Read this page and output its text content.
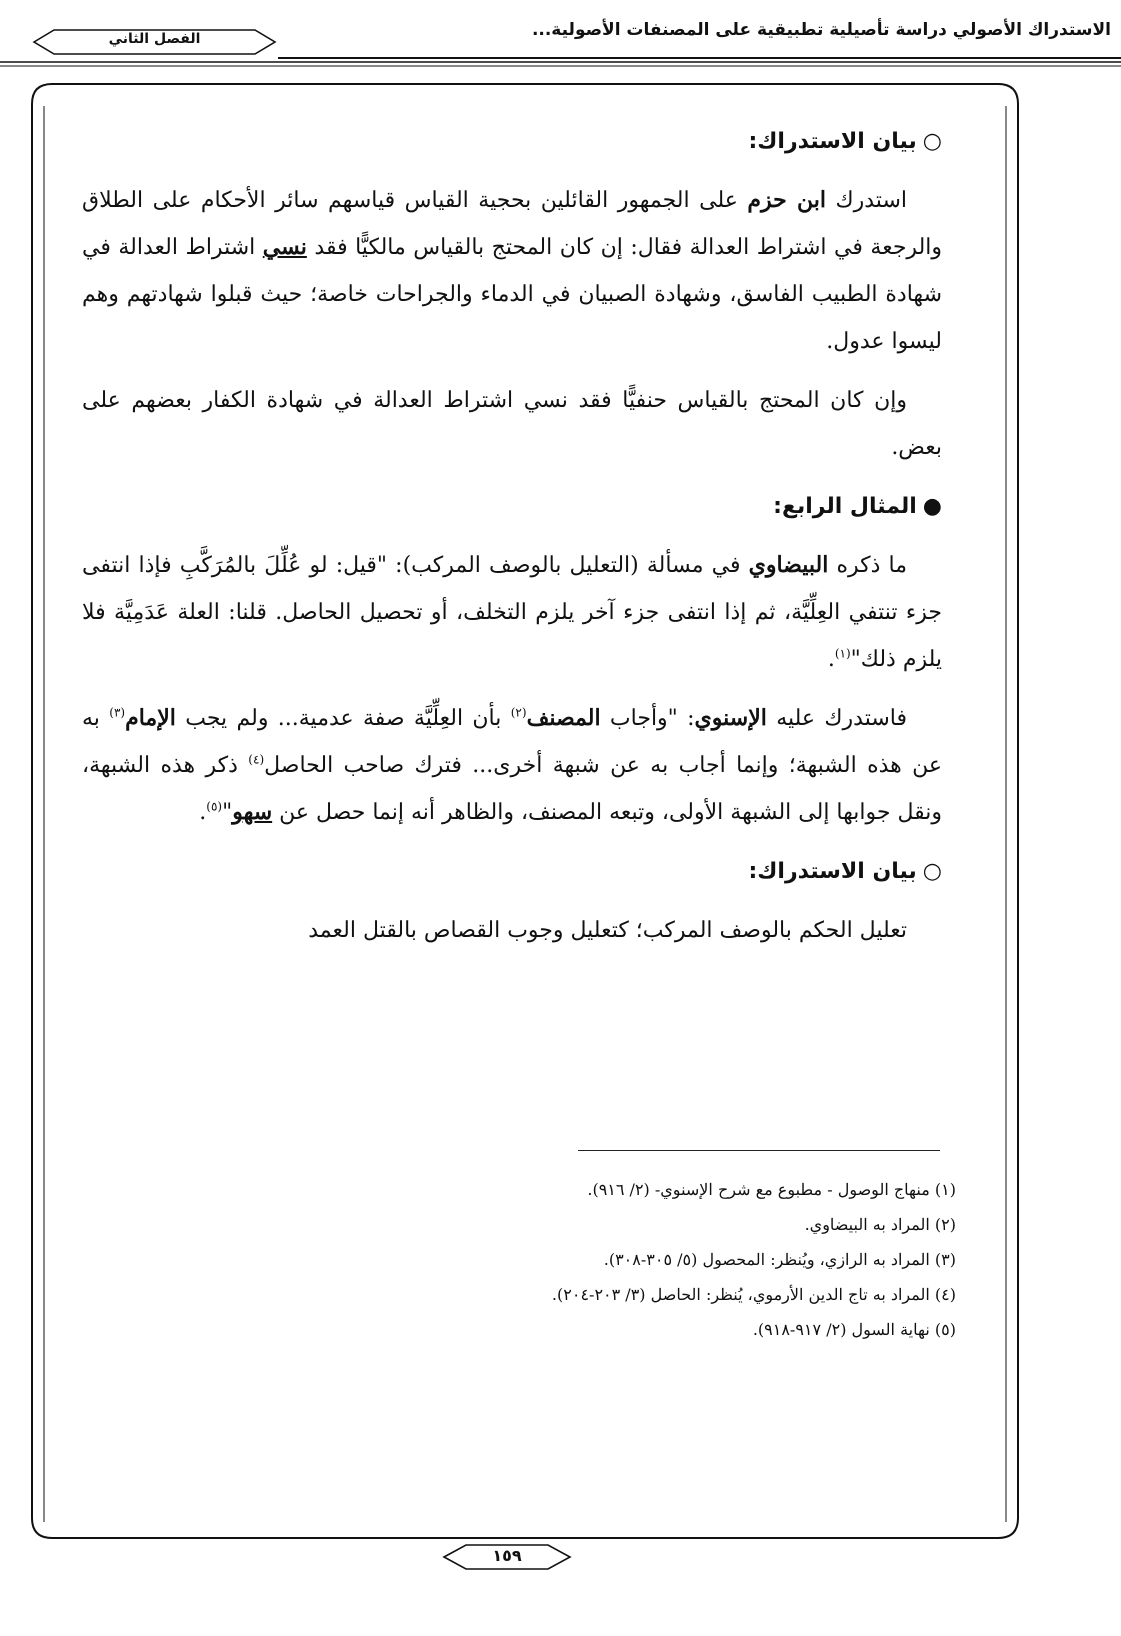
الاستدراك الأصولي دراسة تأصيلية تطبيقية على المصنفات الأصولية...
الفصل الثاني

○بيان الاستدراك:

استدرك ابن حزم على الجمهور القائلين بحجية القياس قياسهم سائر الأحكام على الطلاق والرجعة في اشتراط العدالة فقال: إن كان المحتج بالقياس مالكيًّا فقد نسي اشتراط العدالة في شهادة الطبيب الفاسق، وشهادة الصبيان في الدماء والجراحات خاصة؛ حيث قبلوا شهادتهم وهم ليسوا عدول.

وإن كان المحتج بالقياس حنفيًّا فقد نسي اشتراط العدالة في شهادة الكفار بعضهم على بعض.

●المثال الرابع:

ما ذكره البيضاوي في مسألة (التعليل بالوصف المركب): "قيل: لو عُلِّلَ بالمُرَكَّبِ فإذا انتفى جزء تنتفي العِلِّيَّة، ثم إذا انتفى جزء آخر يلزم التخلف، أو تحصيل الحاصل. قلنا: العلة عَدَمِيَّة فلا يلزم ذلك"$^{(١)}$.

فاستدرك عليه الإسنوي: "وأجاب المصنف$^{(٢)}$ بأن العِلِّيَّة صفة عدمية... ولم يجب الإمام$^{(٣)}$ به عن هذه الشبهة؛ وإنما أجاب به عن شبهة أخرى... فترك صاحب الحاصل$^{(٤)}$ ذكر هذه الشبهة، ونقل جوابها إلى الشبهة الأولى، وتبعه المصنف، والظاهر أنه إنما حصل عن سهو"$^{(٥)}$.

○بيان الاستدراك:

تعليل الحكم بالوصف المركب؛ كتعليل وجوب القصاص بالقتل العمد

(١) منهاج الوصول - مطبوع مع شرح الإسنوي- (٢/ ٩١٦).
(٢) المراد به البيضاوي.
(٣) المراد به الرازي، ويُنظر: المحصول (٥/ ٣٠٥-٣٠٨).
(٤) المراد به تاج الدين الأرموي، يُنظر: الحاصل (٣/ ٢٠٣-٢٠٤).
(٥) نهاية السول (٢/ ٩١٧-٩١٨).
١٥٩
